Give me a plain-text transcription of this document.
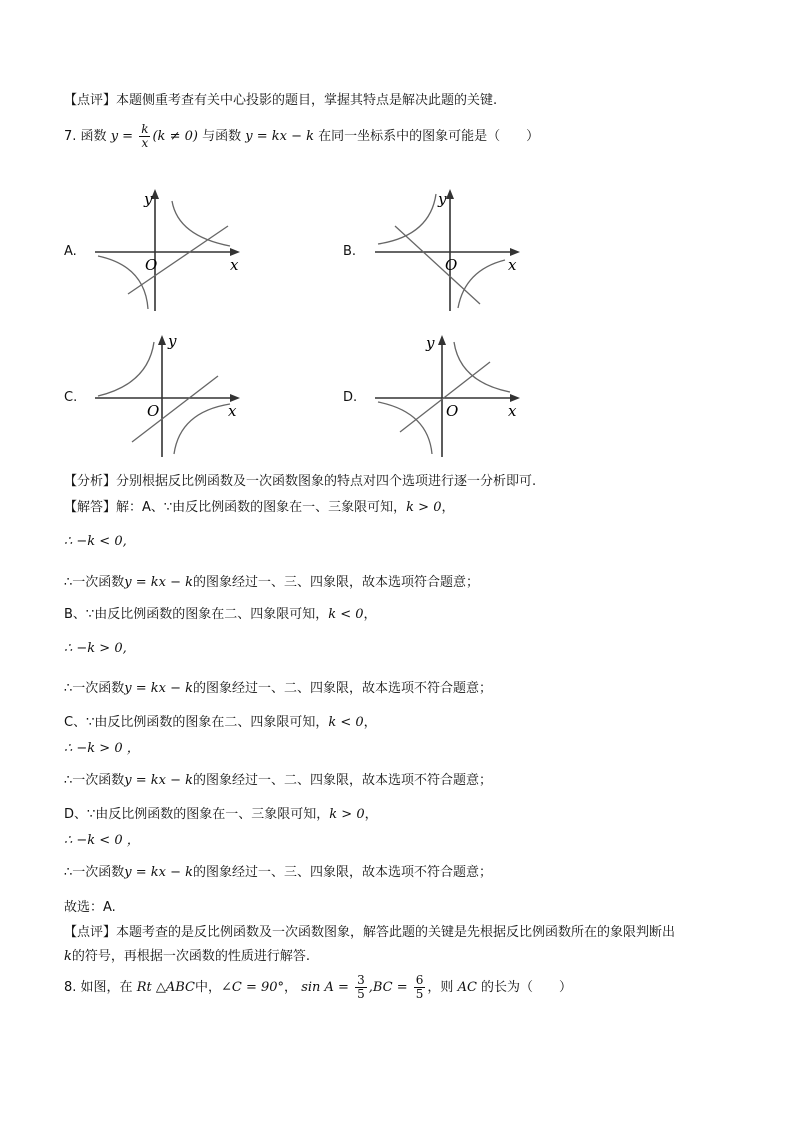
【点评】本题侧重考查有关中心投影的题目，掌握其特点是解决此题的关键.
7. 函数 $y = \frac{k}{x} (k \ne 0)$ 与函数 y = kx − k 在同一坐标系中的图象可能是（　　）
A.	B.
C.	D.
y
x
O
y
x
O
y
x
O
y
x
O
【分析】分别根据反比例函数及一次函数图象的特点对四个选项进行逐一分析即可.
【解答】解：A、∵由反比例函数的图象在一、三象限可知，k > 0，
∴ −k < 0,
∴一次函数y = kx − k的图象经过一、三、四象限，故本选项符合题意；
B、∵由反比例函数的图象在二、四象限可知，k < 0，
∴ −k > 0,
∴一次函数y = kx − k的图象经过一、二、四象限，故本选项不符合题意；
C、∵由反比例函数的图象在二、四象限可知，k < 0，
∴ −k > 0 ，
∴一次函数y = kx − k的图象经过一、二、四象限，故本选项不符合题意；
D、∵由反比例函数的图象在一、三象限可知，k > 0，
∴ −k < 0 ，
∴一次函数y = kx − k的图象经过一、三、四象限，故本选项不符合题意；
故选：A.
【点评】本题考查的是反比例函数及一次函数图象，解答此题的关键是先根据反比例函数所在的象限判断出
k的符号，再根据一次函数的性质进行解答.
8. 如图，在 Rt △ABC中，∠C = 90°， $\sin A = \frac{3}{5} ,BC = \frac{6}{5}$ ，则 AC 的长为（　　）
